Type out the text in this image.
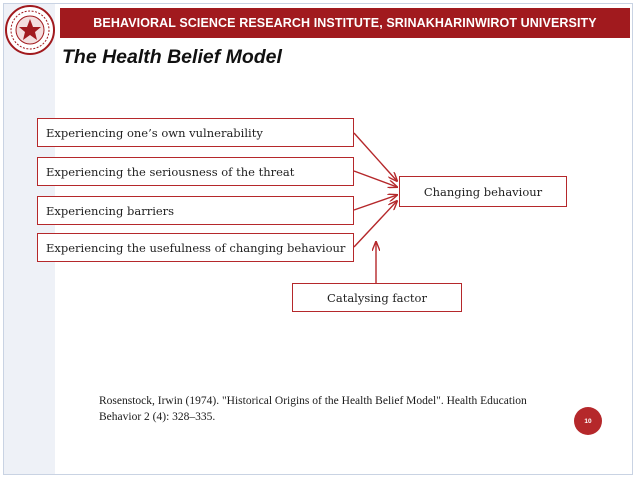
BEHAVIORAL SCIENCE RESEARCH INSTITUTE, SRINAKHARINWIROT UNIVERSITY
The Health Belief Model
Experiencing one’s own vulnerability
Experiencing the seriousness of the threat
Experiencing barriers
Experiencing the usefulness of changing behaviour
Changing behaviour
Catalysing factor
Rosenstock, Irwin (1974). "Historical Origins of the Health Belief Model". Health Education
Behavior 2 (4): 328–335.	10
